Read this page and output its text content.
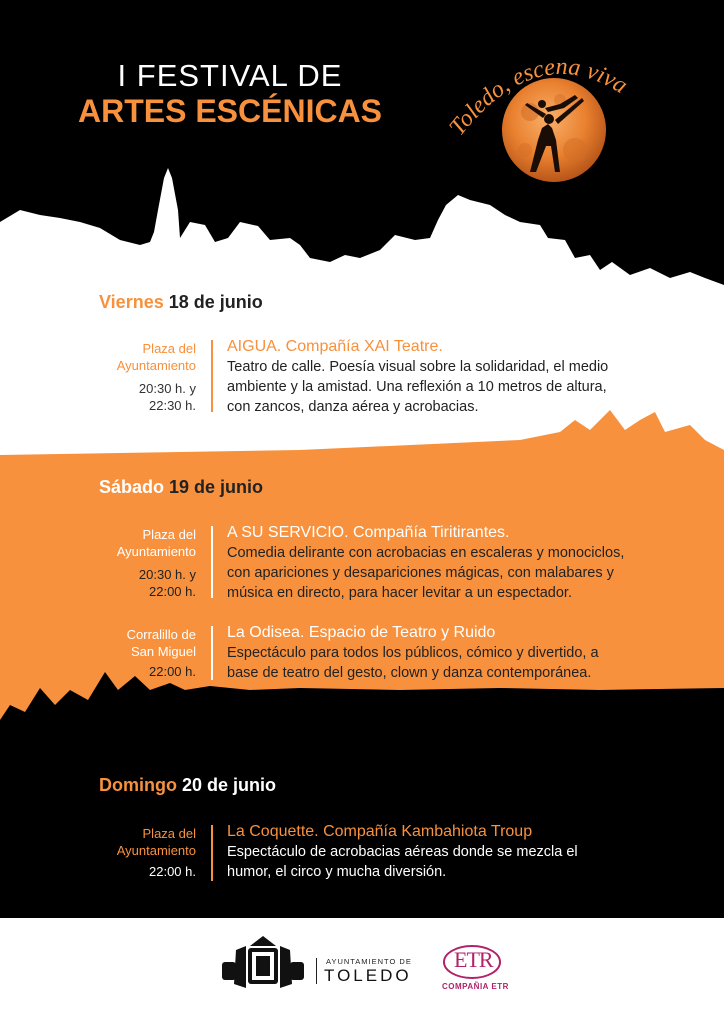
I FESTIVAL DE
ARTES ESCÉNICAS	Toledo, escena viva
Viernes 18 de junio
Plaza del
Ayuntamiento
20:30 h. y
22:30 h.
AIGUA. Compañía XAI Teatre.
Teatro de calle. Poesía visual sobre la solidaridad, el medio
ambiente y la amistad. Una reflexión a 10 metros de altura,
con zancos, danza aérea y acrobacias.
Sábado 19 de junio
Plaza del
Ayuntamiento
20:30 h. y
22:00 h.
A SU SERVICIO. Compañía Tiritirantes.
Comedia delirante con acrobacias en escaleras y monociclos,
con apariciones y desapariciones mágicas, con malabares y
música en directo, para hacer levitar a un espectador.
Corralillo de
San Miguel
22:00 h.
La Odisea. Espacio de Teatro y Ruido
Espectáculo para todos los públicos, cómico y divertido, a
base de teatro del gesto, clown y danza contemporánea.
Domingo 20 de junio
Plaza del
Ayuntamiento
22:00 h.
La Coquette. Compañía Kambahiota Troup
Espectáculo de acrobacias aéreas donde se mezcla el
humor, el circo y mucha diversión.
AYUNTAMIENTO DE
TOLEDO
ETR
COMPAÑIA ETR
